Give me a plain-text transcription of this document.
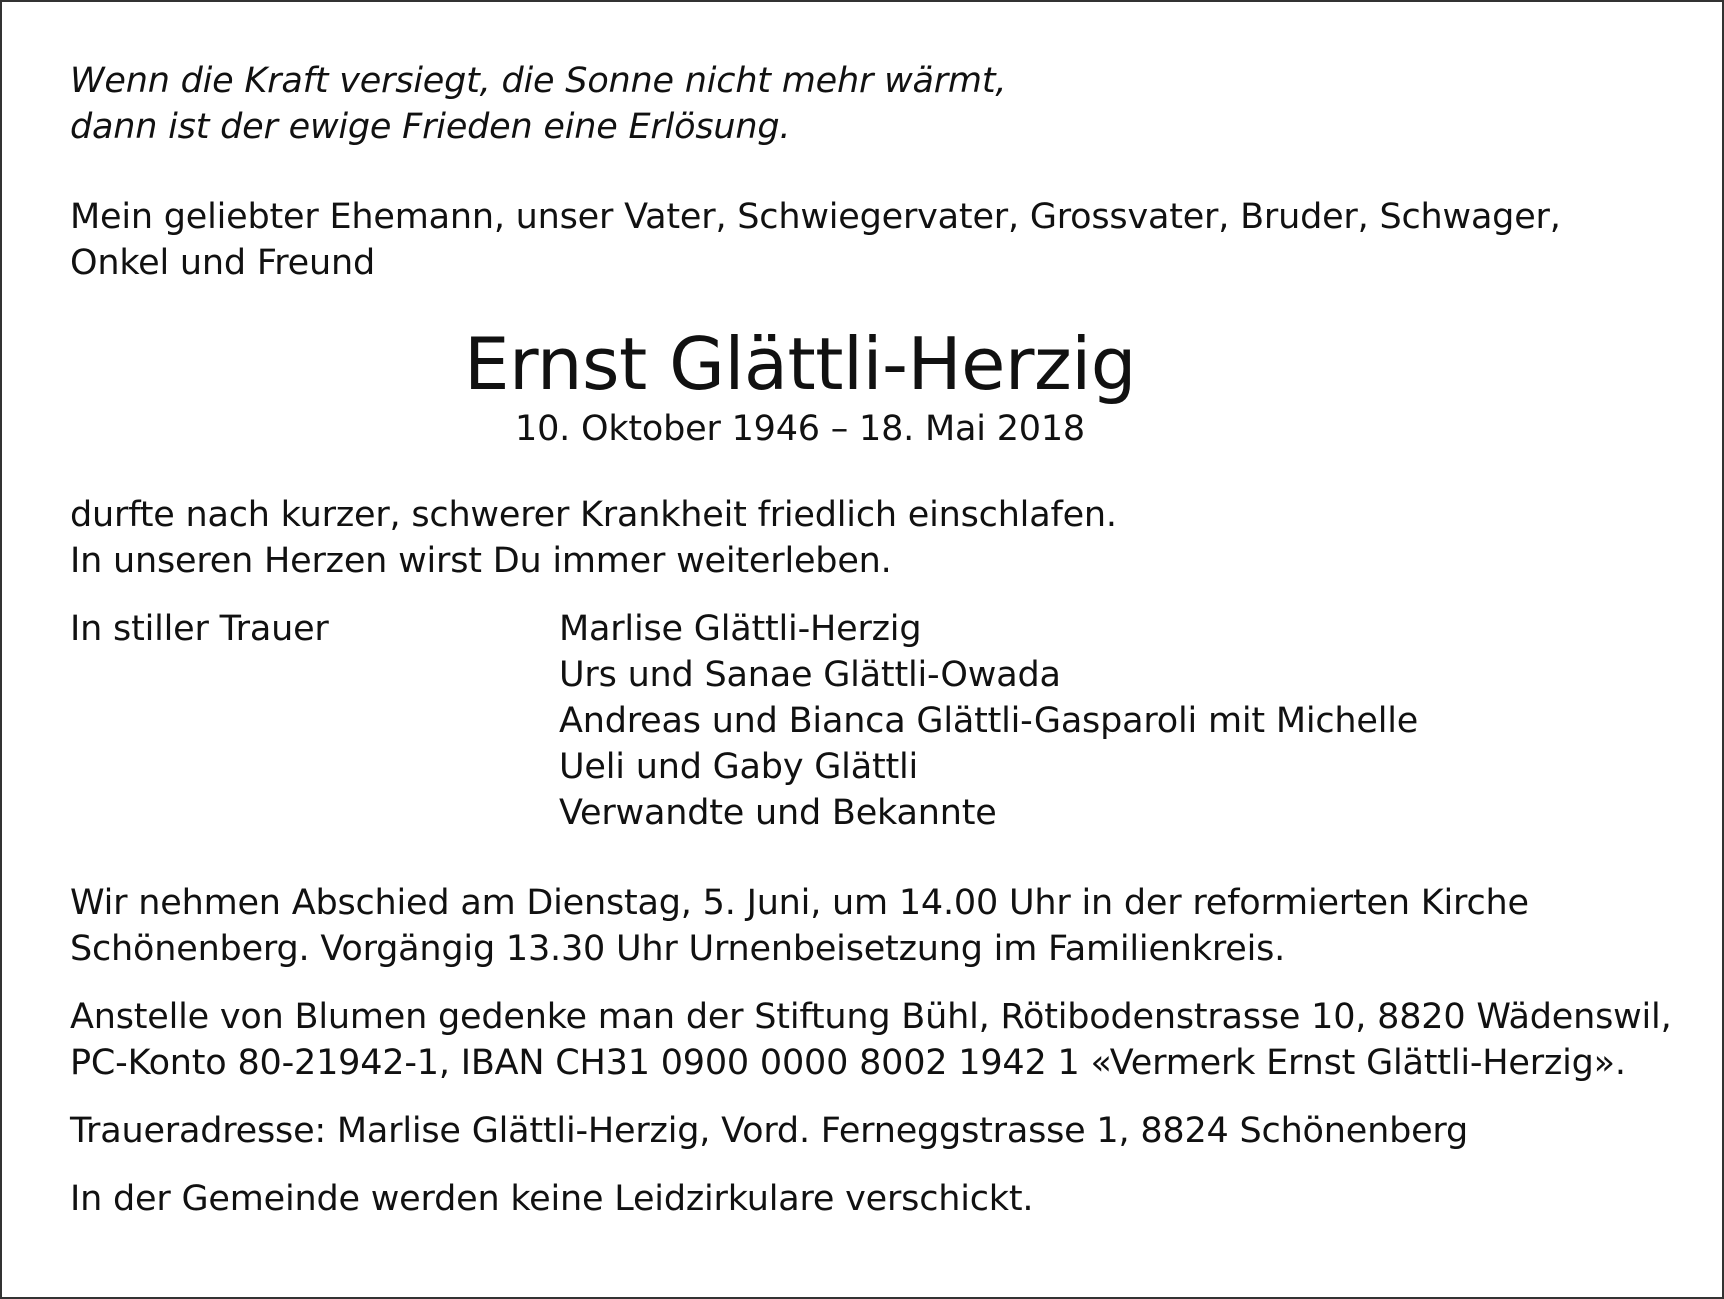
Wenn die Kraft versiegt, die Sonne nicht mehr wärmt,
dann ist der ewige Frieden eine Erlösung.
Mein geliebter Ehemann, unser Vater, Schwiegervater, Grossvater, Bruder, Schwager,
Onkel und Freund
Ernst Glättli-Herzig
10. Oktober 1946 – 18. Mai 2018
durfte nach kurzer, schwerer Krankheit friedlich einschlafen.
In unseren Herzen wirst Du immer weiterleben.
In stiller Trauer	Marlise Glättli-Herzig
Urs und Sanae Glättli-Owada
Andreas und Bianca Glättli-Gasparoli mit Michelle
Ueli und Gaby Glättli
Verwandte und Bekannte
Wir nehmen Abschied am Dienstag, 5. Juni, um 14.00 Uhr in der reformierten Kirche
Schönenberg. Vorgängig 13.30 Uhr Urnenbeisetzung im Familienkreis.
Anstelle von Blumen gedenke man der Stiftung Bühl, Rötibodenstrasse 10, 8820 Wädenswil,
PC-Konto 80-21942-1, IBAN CH31 0900 0000 8002 1942 1 «Vermerk Ernst Glättli-Herzig».
Traueradresse: Marlise Glättli-Herzig, Vord. Ferneggstrasse 1, 8824 Schönenberg
In der Gemeinde werden keine Leidzirkulare verschickt.
